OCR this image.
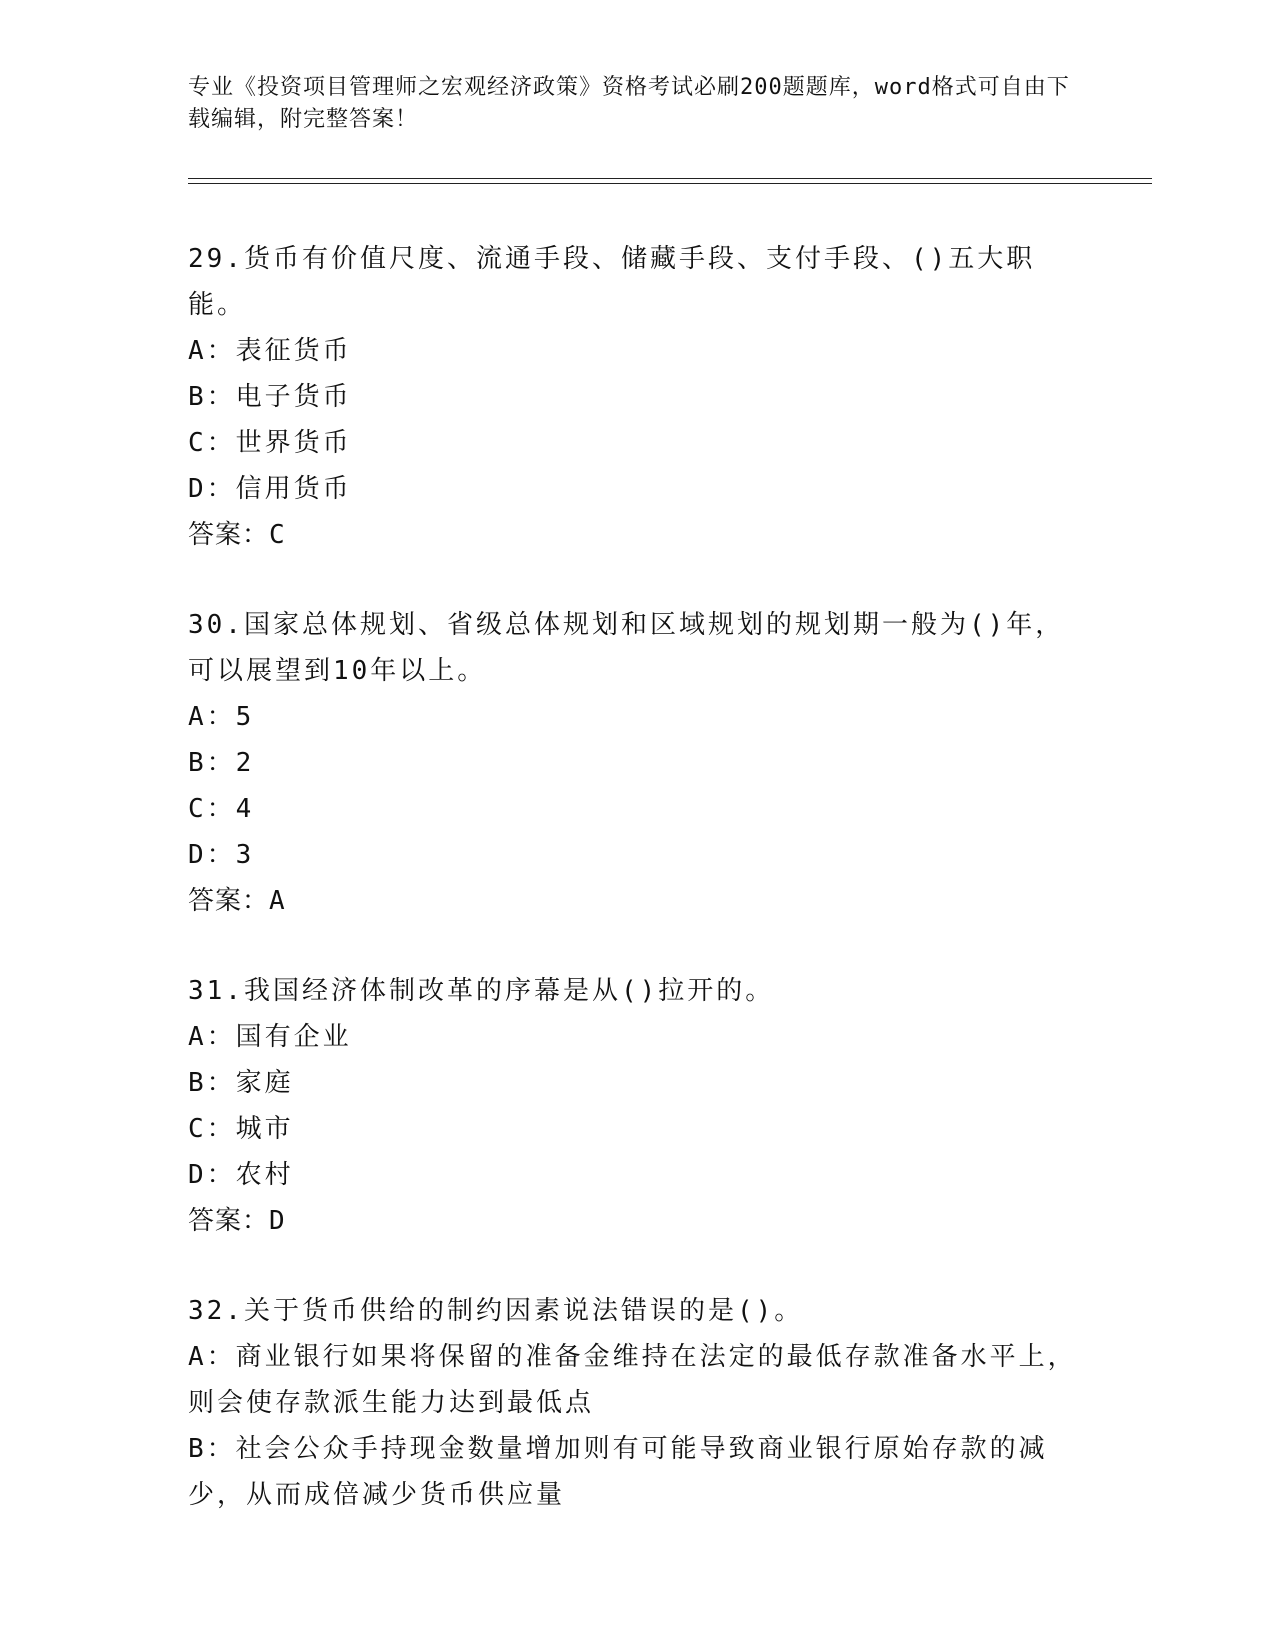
专业《投资项目管理师之宏观经济政策》资格考试必刷200题题库，word格式可自由下载编辑，附完整答案！
29.货币有价值尺度、流通手段、储藏手段、支付手段、()五大职能。
A：表征货币
B：电子货币
C：世界货币
D：信用货币
答案：C
30.国家总体规划、省级总体规划和区域规划的规划期一般为()年，可以展望到10年以上。
A：5
B：2
C：4
D：3
答案：A
31.我国经济体制改革的序幕是从()拉开的。
A：国有企业
B：家庭
C：城市
D：农村
答案：D
32.关于货币供给的制约因素说法错误的是()。
A：商业银行如果将保留的准备金维持在法定的最低存款准备水平上，则会使存款派生能力达到最低点
B：社会公众手持现金数量增加则有可能导致商业银行原始存款的减少，从而成倍减少货币供应量
